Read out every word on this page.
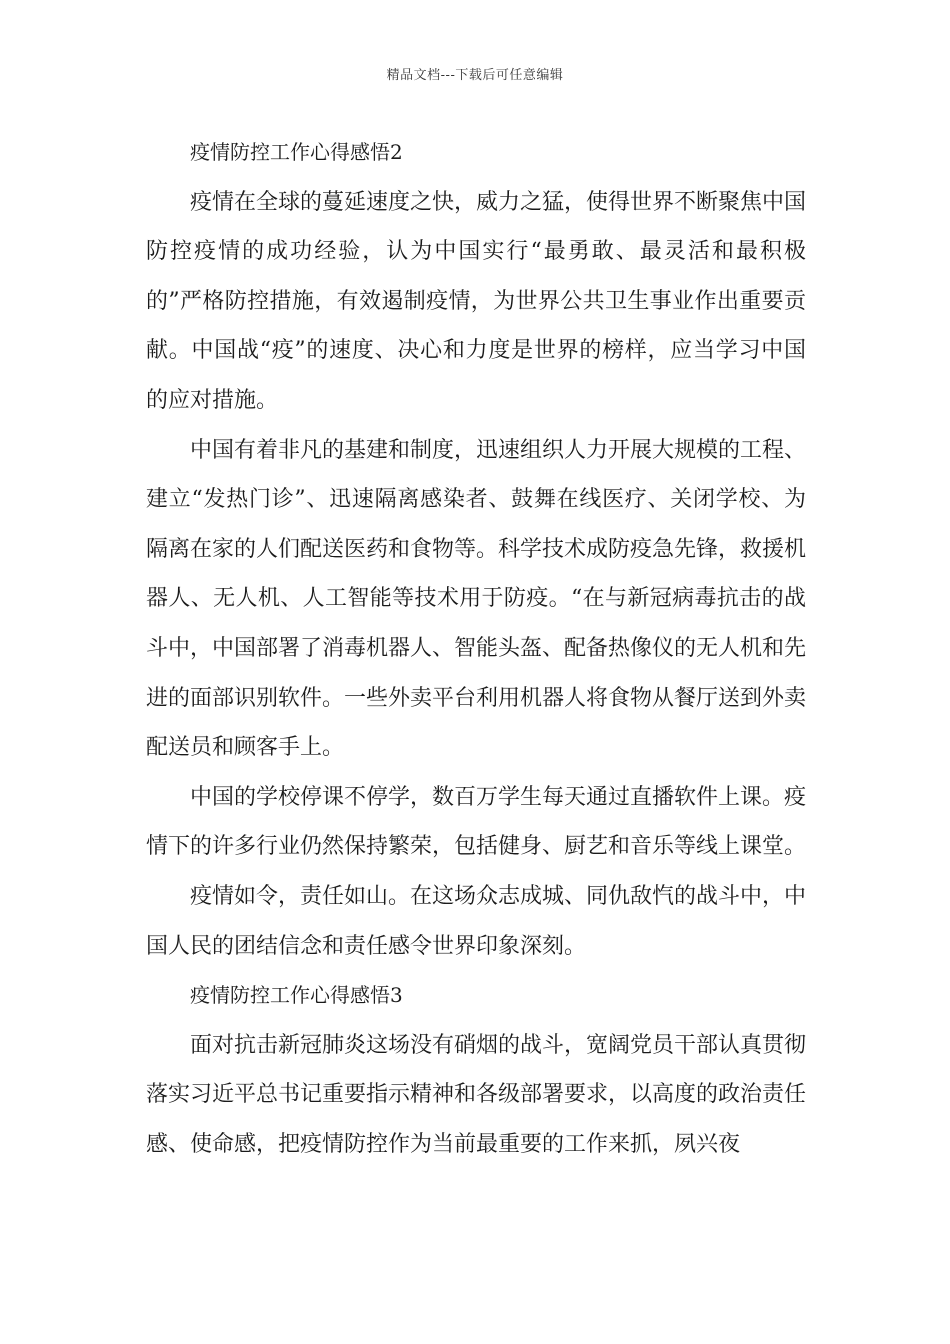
精品文档---下载后可任意编辑

疫情防控工作心得感悟2

疫情在全球的蔓延速度之快，威力之猛，使得世界不断聚焦中国防控疫情的成功经验，认为中国实行“最勇敢、最灵活和最积极的”严格防控措施，有效遏制疫情，为世界公共卫生事业作出重要贡献。中国战“疫”的速度、决心和力度是世界的榜样，应当学习中国的应对措施。

中国有着非凡的基建和制度，迅速组织人力开展大规模的工程、建立“发热门诊”、迅速隔离感染者、鼓舞在线医疗、关闭学校、为隔离在家的人们配送医药和食物等。科学技术成防疫急先锋，救援机器人、无人机、人工智能等技术用于防疫。“在与新冠病毒抗击的战斗中，中国部署了消毒机器人、智能头盔、配备热像仪的无人机和先进的面部识别软件。一些外卖平台利用机器人将食物从餐厅送到外卖配送员和顾客手上。

中国的学校停课不停学，数百万学生每天通过直播软件上课。疫情下的许多行业仍然保持繁荣，包括健身、厨艺和音乐等线上课堂。

疫情如令，责任如山。在这场众志成城、同仇敌忾的战斗中，中国人民的团结信念和责任感令世界印象深刻。

疫情防控工作心得感悟3

面对抗击新冠肺炎这场没有硝烟的战斗，宽阔党员干部认真贯彻落实习近平总书记重要指示精神和各级部署要求，以高度的政治责任感、使命感，把疫情防控作为当前最重要的工作来抓，夙兴夜
